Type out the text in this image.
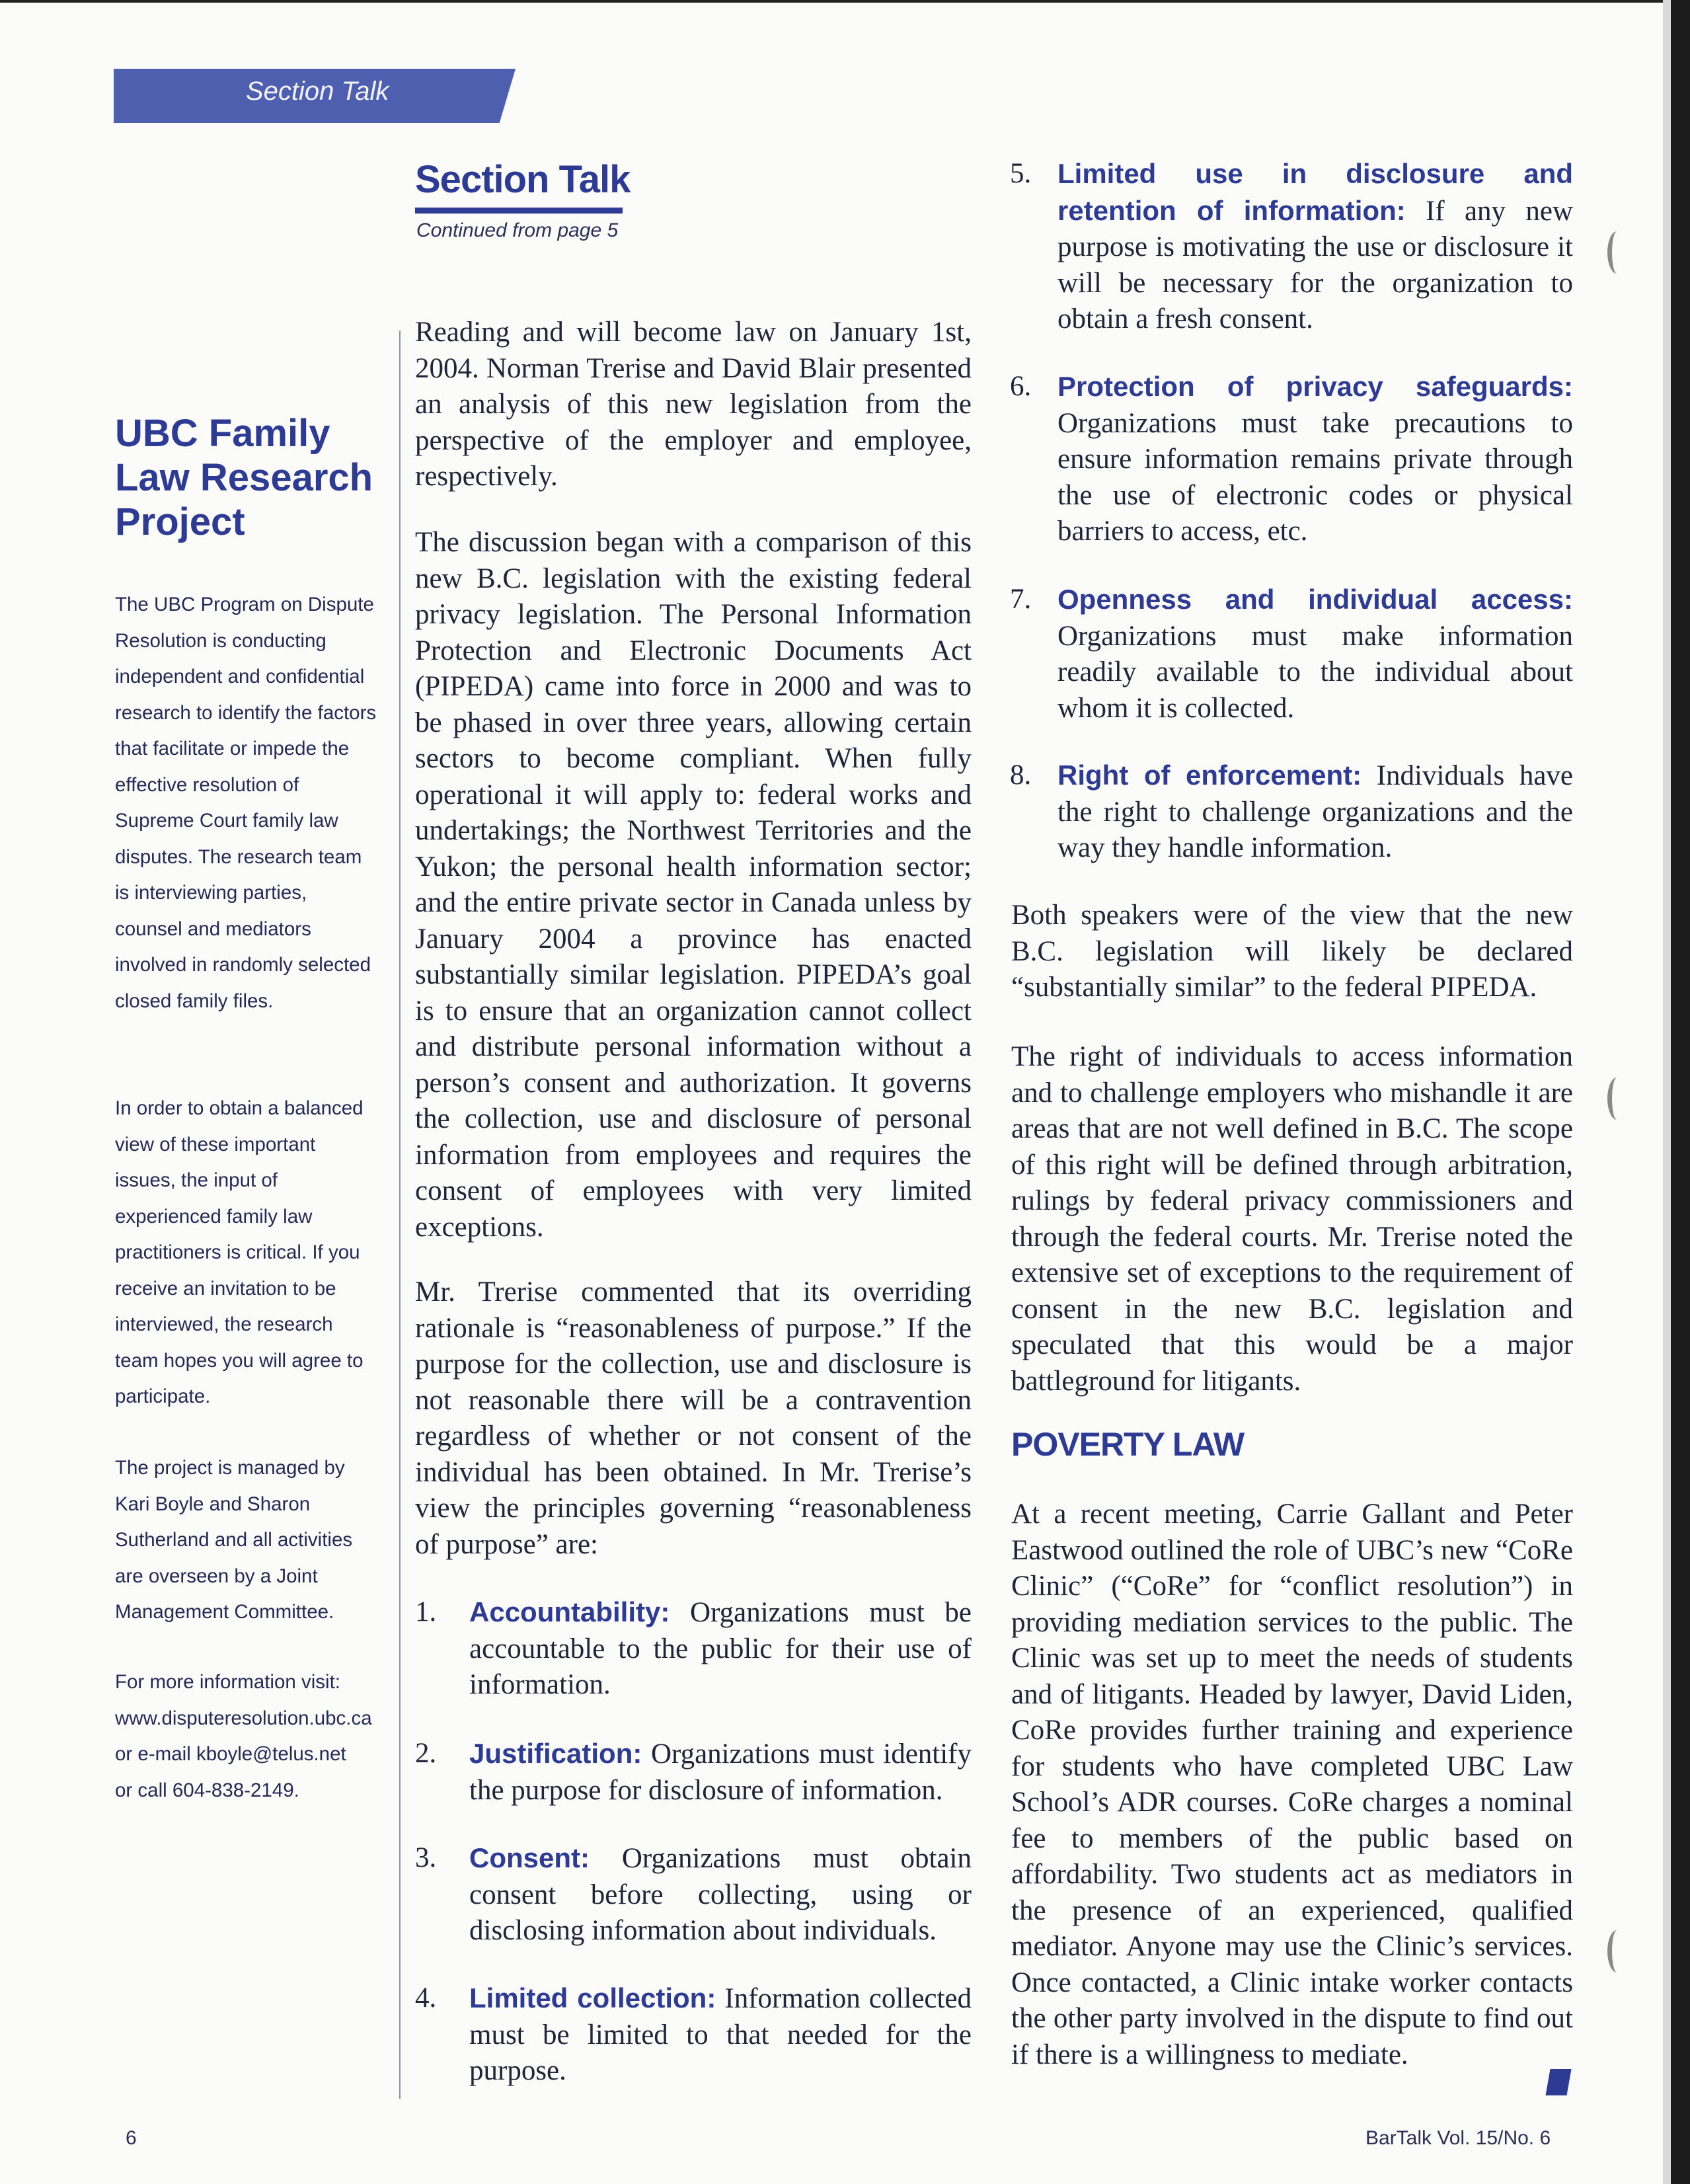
Section Talk
UBC Family Law Research Project
The UBC Program on Dispute Resolution is conducting independent and confidential research to identify the factors that facilitate or impede the effective resolution of Supreme Court family law disputes. The research team is interviewing parties, counsel and mediators involved in randomly selected closed family files.
In order to obtain a balanced view of these important issues, the input of experienced family law practitioners is critical. If you receive an invitation to be interviewed, the research team hopes you will agree to participate.
The project is managed by Kari Boyle and Sharon Sutherland and all activities are overseen by a Joint Management Committee.
For more information visit:
www.disputeresolution.ubc.ca
or e-mail kboyle@telus.net
or call 604-838-2149.
Section Talk
Continued from page 5
Reading and will become law on January 1st, 2004. Norman Trerise and David Blair presented an analysis of this new legislation from the perspective of the employer and employee, respectively.
The discussion began with a comparison of this new B.C. legislation with the existing federal privacy legislation. The Personal Information Protection and Electronic Documents Act (PIPEDA) came into force in 2000 and was to be phased in over three years, allowing certain sectors to become compliant. When fully operational it will apply to: federal works and undertakings; the Northwest Territories and the Yukon; the personal health information sector; and the entire private sector in Canada unless by January 2004 a province has enacted substantially similar legislation. PIPEDA’s goal is to ensure that an organization cannot collect and distribute personal information without a person’s consent and authorization. It governs the collection, use and disclosure of personal information from employees and requires the consent of employees with very limited exceptions.
Mr. Trerise commented that its overriding rationale is “reasonableness of purpose.” If the purpose for the collection, use and disclosure is not reasonable there will be a contravention regardless of whether or not consent of the individual has been obtained. In Mr. Trerise’s view the principles governing “reasonableness of purpose” are:
1. Accountability: Organizations must be accountable to the public for their use of information.
2. Justification: Organizations must identify the purpose for disclosure of information.
3. Consent: Organizations must obtain consent before collecting, using or disclosing information about individuals.
4. Limited collection: Information collected must be limited to that needed for the purpose.
5. Limited use in disclosure and retention of information: If any new purpose is motivating the use or disclosure it will be necessary for the organization to obtain a fresh consent.
6. Protection of privacy safeguards: Organizations must take precautions to ensure information remains private through the use of electronic codes or physical barriers to access, etc.
7. Openness and individual access: Organizations must make information readily available to the individual about whom it is collected.
8. Right of enforcement: Individuals have the right to challenge organizations and the way they handle information.
Both speakers were of the view that the new B.C. legislation will likely be declared “substantially similar” to the federal PIPEDA.
The right of individuals to access information and to challenge employers who mishandle it are areas that are not well defined in B.C. The scope of this right will be defined through arbitration, rulings by federal privacy commissioners and through the federal courts. Mr. Trerise noted the extensive set of exceptions to the requirement of consent in the new B.C. legislation and speculated that this would be a major battleground for litigants.
POVERTY LAW
At a recent meeting, Carrie Gallant and Peter Eastwood outlined the role of UBC’s new “CoRe Clinic” (“CoRe” for “conflict resolution”) in providing mediation services to the public. The Clinic was set up to meet the needs of students and of litigants. Headed by lawyer, David Liden, CoRe provides further training and experience for students who have completed UBC Law School’s ADR courses. CoRe charges a nominal fee to members of the public based on affordability. Two students act as mediators in the presence of an experienced, qualified mediator. Anyone may use the Clinic’s services. Once contacted, a Clinic intake worker contacts the other party involved in the dispute to find out if there is a willingness to mediate.
6	BarTalk Vol. 15/No. 6
